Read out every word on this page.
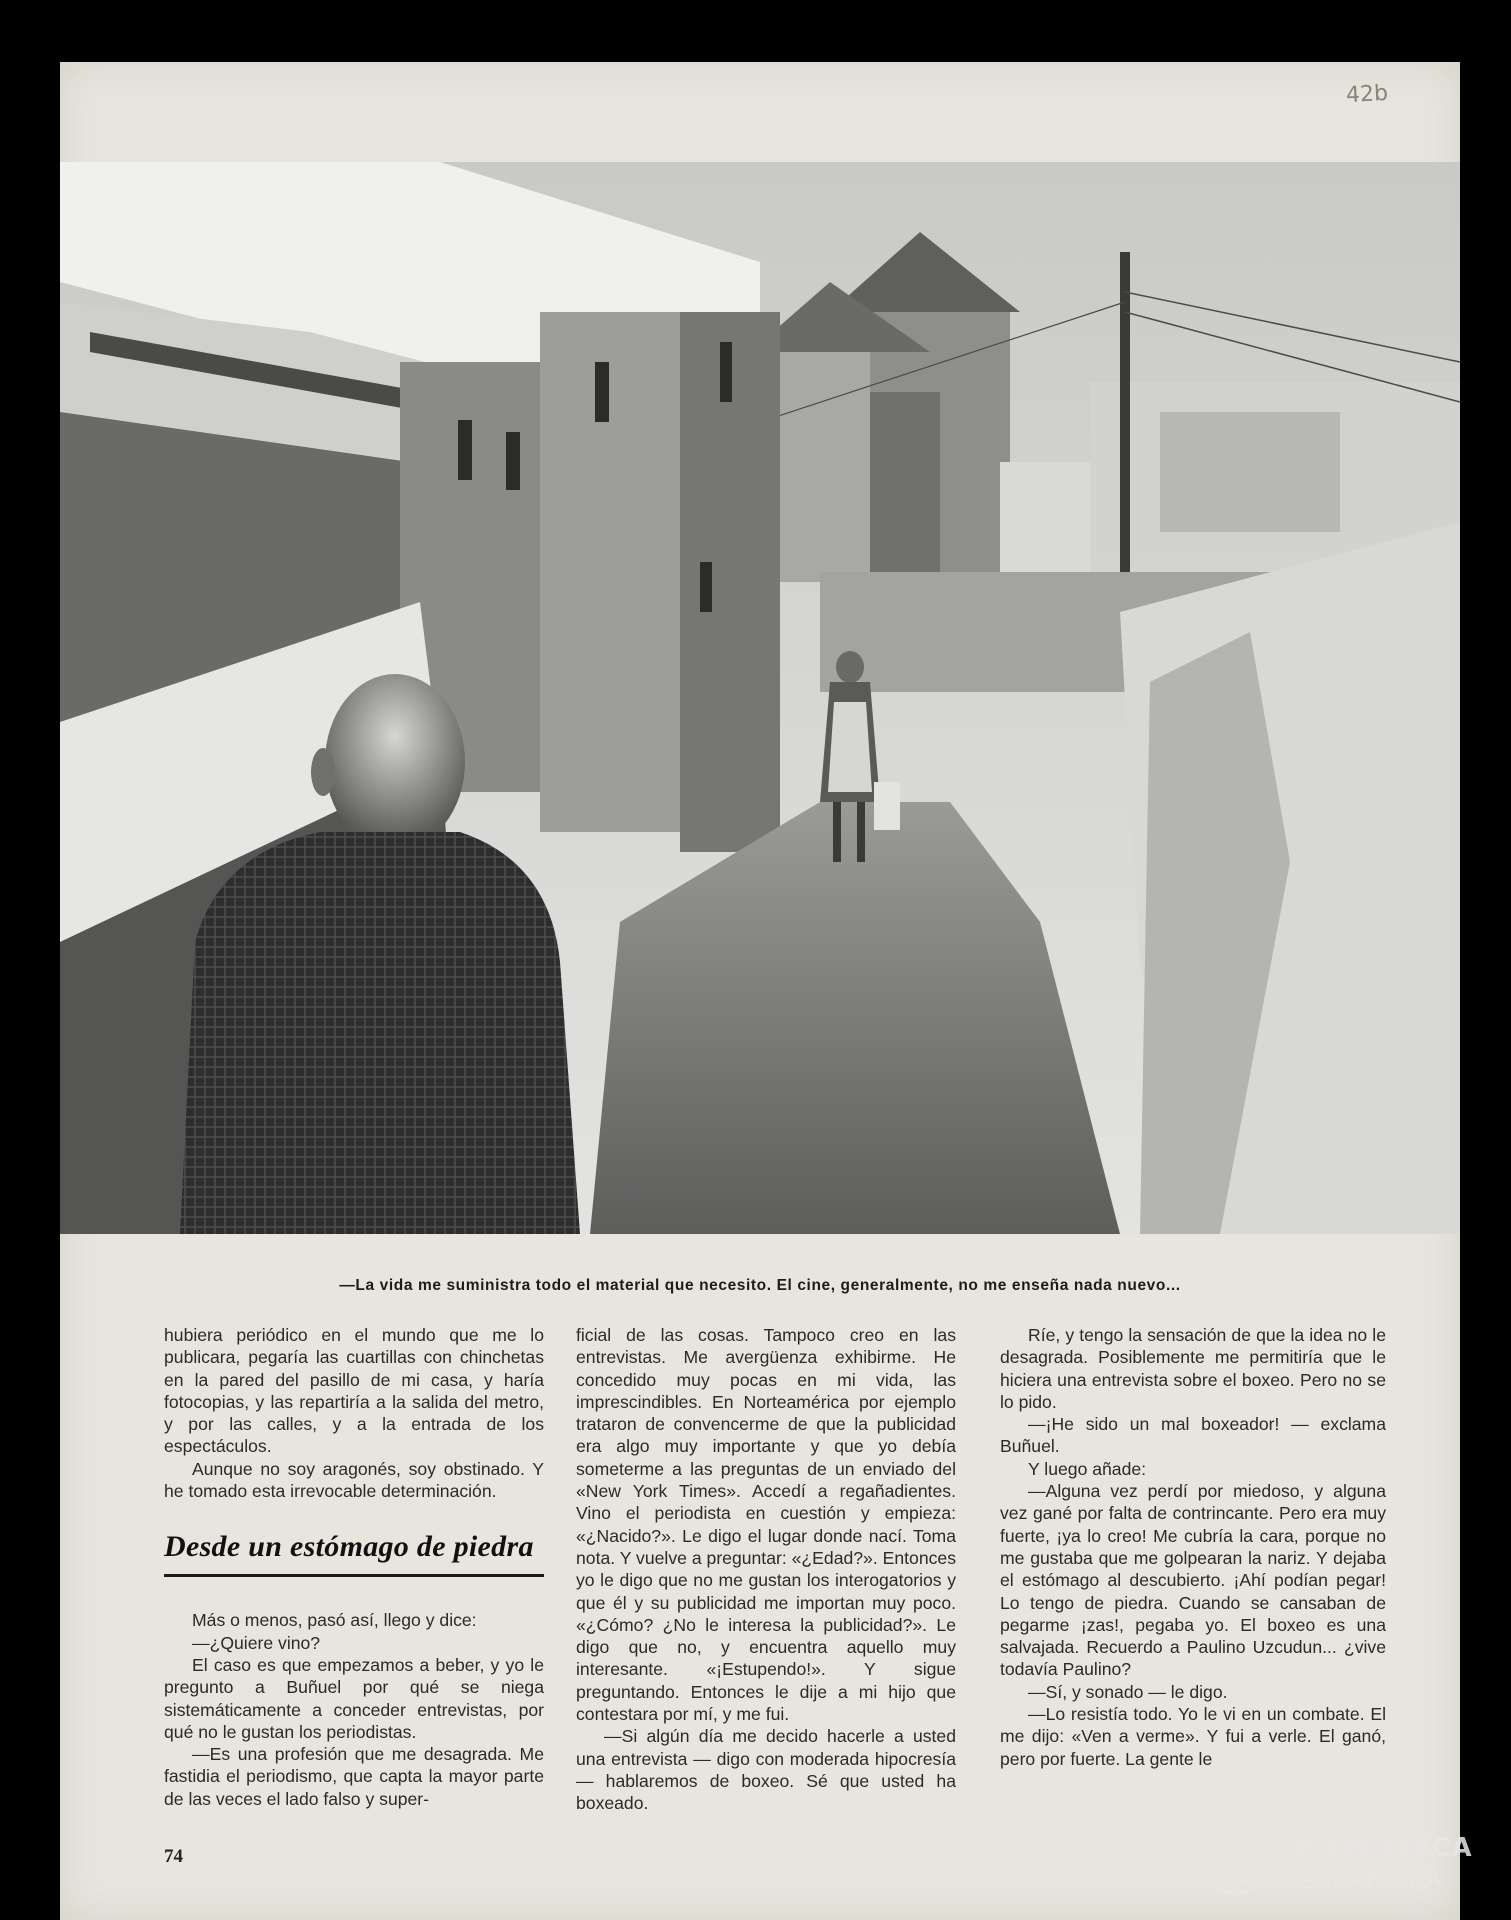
42b
—La vida me suministra todo el material que necesito. El cine, generalmente, no me enseña nada nuevo...

hubiera periódico en el mundo que me lo publicara, pegaría las cuartillas con chinchetas en la pared del pasillo de mi casa, y haría fotocopias, y las repartiría a la salida del metro, y por las calles, y a la entrada de los espectáculos.

Aunque no soy aragonés, soy obstinado. Y he tomado esta irrevocable determinación.

Desde un estómago de piedra

Más o menos, pasó así, llego y dice:

—¿Quiere vino?

El caso es que empezamos a beber, y yo le pregunto a Buñuel por qué se niega sistemáticamente a conceder entrevistas, por qué no le gustan los periodistas.

—Es una profesión que me desagrada. Me fastidia el periodismo, que capta la mayor parte de las veces el lado falso y super-

ficial de las cosas. Tampoco creo en las entrevistas. Me avergüenza exhibirme. He concedido muy pocas en mi vida, las imprescindibles. En Norteamérica por ejemplo trataron de convencerme de que la publicidad era algo muy importante y que yo debía someterme a las preguntas de un enviado del «New York Times». Accedí a regañadientes. Vino el periodista en cuestión y empieza: «¿Nacido?». Le digo el lugar donde nací. Toma nota. Y vuelve a preguntar: «¿Edad?». Entonces yo le digo que no me gustan los interogatorios y que él y su publicidad me importan muy poco. «¿Cómo? ¿No le interesa la publicidad?». Le digo que no, y encuentra aquello muy interesante. «¡Estupendo!». Y sigue preguntando. Entonces le dije a mi hijo que contestara por mí, y me fui.

—Si algún día me decido hacerle a usted una entrevista — digo con moderada hipocresía — hablaremos de boxeo. Sé que usted ha boxeado.

Ríe, y tengo la sensación de que la idea no le desagrada. Posiblemente me permitiría que le hiciera una entrevista sobre el boxeo. Pero no se lo pido.

—¡He sido un mal boxeador! — exclama Buñuel.

Y luego añade:

—Alguna vez perdí por miedoso, y alguna vez gané por falta de contrincante. Pero era muy fuerte, ¡ya lo creo! Me cubría la cara, porque no me gustaba que me golpearan la nariz. Y dejaba el estómago al descubierto. ¡Ahí podían pegar! Lo tengo de piedra. Cuando se cansaban de pegarme ¡zas!, pegaba yo. El boxeo es una salvajada. Recuerdo a Paulino Uzcudun... ¿vive todavía Paulino?

—Sí, y sonado — le digo.

—Lo resistía todo. Yo le vi en un combate. El me dijo: «Ven a verme». Y fui a verle. El ganó, pero por fuerte. La gente le

74	FILMOTECA
ESPAÑOLA
